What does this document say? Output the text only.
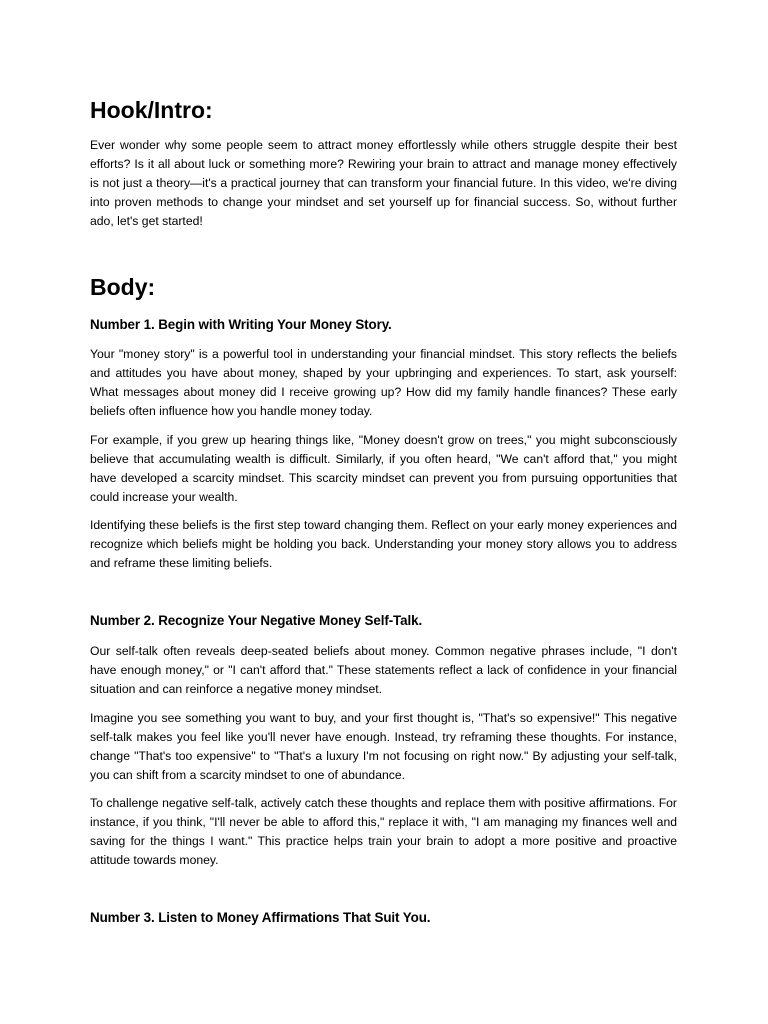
Hook/Intro:

Ever wonder why some people seem to attract money effortlessly while others struggle despite their best efforts? Is it all about luck or something more? Rewiring your brain to attract and manage money effectively is not just a theory—it's a practical journey that can transform your financial future. In this video, we're diving into proven methods to change your mindset and set yourself up for financial success. So, without further ado, let's get started!

Body:
Number 1. Begin with Writing Your Money Story.

Your "money story" is a powerful tool in understanding your financial mindset. This story reflects the beliefs and attitudes you have about money, shaped by your upbringing and experiences. To start, ask yourself: What messages about money did I receive growing up? How did my family handle finances? These early beliefs often influence how you handle money today.

For example, if you grew up hearing things like, "Money doesn't grow on trees," you might subconsciously believe that accumulating wealth is difficult. Similarly, if you often heard, "We can't afford that," you might have developed a scarcity mindset. This scarcity mindset can prevent you from pursuing opportunities that could increase your wealth.

Identifying these beliefs is the first step toward changing them. Reflect on your early money experiences and recognize which beliefs might be holding you back. Understanding your money story allows you to address and reframe these limiting beliefs.

Number 2. Recognize Your Negative Money Self-Talk.

Our self-talk often reveals deep-seated beliefs about money. Common negative phrases include, "I don't have enough money," or "I can't afford that." These statements reflect a lack of confidence in your financial situation and can reinforce a negative money mindset.

Imagine you see something you want to buy, and your first thought is, "That's so expensive!" This negative self-talk makes you feel like you'll never have enough. Instead, try reframing these thoughts. For instance, change "That's too expensive" to "That's a luxury I'm not focusing on right now." By adjusting your self-talk, you can shift from a scarcity mindset to one of abundance.

To challenge negative self-talk, actively catch these thoughts and replace them with positive affirmations. For instance, if you think, "I'll never be able to afford this," replace it with, "I am managing my finances well and saving for the things I want." This practice helps train your brain to adopt a more positive and proactive attitude towards money.

Number 3. Listen to Money Affirmations That Suit You.
